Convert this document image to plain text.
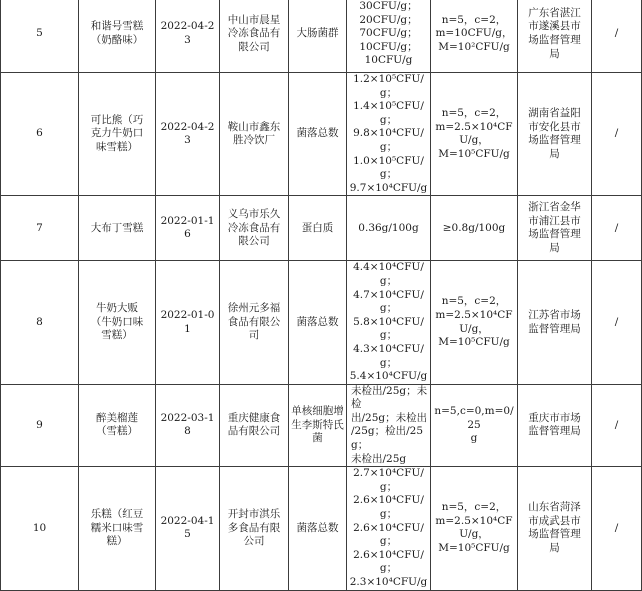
5	和谐号雪糕
（奶酪味）	2022-04-23	中山市晨星
冷冻食品有
限公司	大肠菌群	30CFU/g；
20CFU/g；
70CFU/g；
10CFU/g；
10CFU/g	n=5，c=2，
m=10CFU/g，
M=10²CFU/g	广东省湛江
市遂溪县市
场监督管理
局	/
6	可比熊（巧
克力牛奶口
味雪糕）	2022-04-23	鞍山市鑫东
胜冷饮厂	菌落总数	1.2×10⁵CFU/g；
1.4×10⁵CFU/g；
9.8×10⁴CFU/g；
1.0×10⁵CFU/g；
9.7×10⁴CFU/g	n=5，c=2，
m=2.5×10⁴CFU/g，
M=10⁵CFU/g	湖南省益阳
市安化县市
场监督管理
局	/
7	大布丁雪糕	2022-01-16	义乌市乐久
冷冻食品有
限公司	蛋白质	0.36g/100g	≥0.8g/100g	浙江省金华
市浦江县市
场监督管理
局	/
8	牛奶大贩
（牛奶口味
雪糕）	2022-01-01	徐州元多福
食品有限公
司	菌落总数	4.4×10⁴CFU/g；
4.7×10⁴CFU/g；
5.8×10⁴CFU/g；
4.3×10⁴CFU/g；
5.4×10⁴CFU/g	n=5，c=2，
m=2.5×10⁴CFU/g，
M=10⁵CFU/g	江苏省市场
监督管理局	/
9	醉美榴莲
（雪糕）	2022-03-18	重庆健康食
品有限公司	单核细胞增
生李斯特氏
菌	未检出/25g；未检
出/25g；未检出
/25g；检出/25g；
未检出/25g	n=5,c=0,m=0/25
g	重庆市市场
监督管理局	/
10	乐糕（红豆
糯米口味雪
糕）	2022-04-15	开封市淇乐
多食品有限
公司	菌落总数	2.7×10⁴CFU/g；
2.6×10⁴CFU/g；
2.6×10⁴CFU/g；
2.6×10⁴CFU/g；
2.3×10⁴CFU/g	n=5，c=2，
m=2.5×10⁴CFU/g，
M=10⁵CFU/g	山东省菏泽
市成武县市
场监督管理
局	/
